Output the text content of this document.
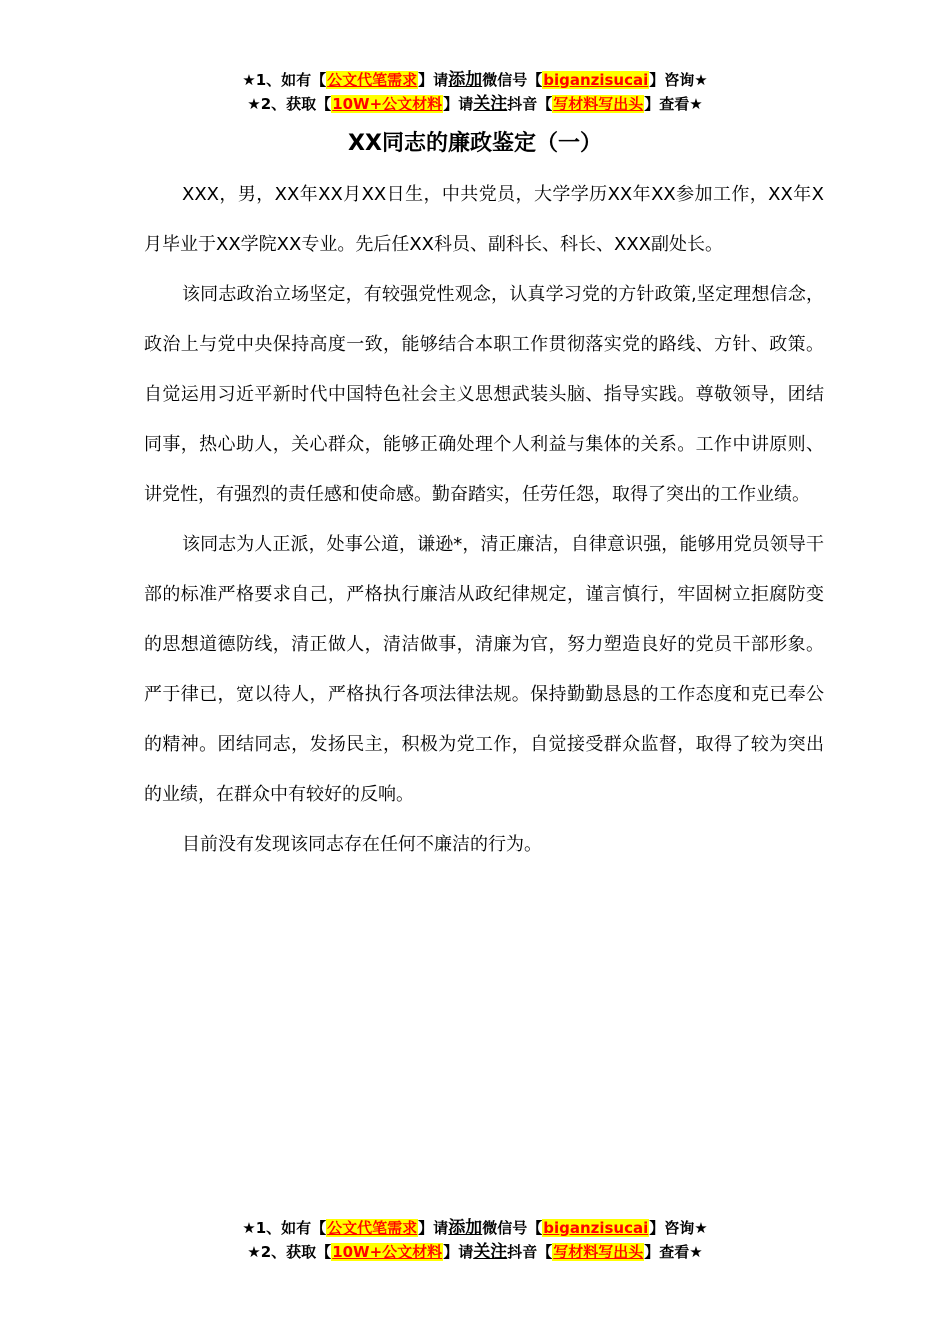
★1、如有【公文代笔需求】请添加微信号【biganzisucai】咨询★
★2、获取【10W+公文材料】请关注抖音【写材料写出头】查看★
XX同志的廉政鉴定（一）

XXX，男，XX年XX月XX日生，中共党员，大学学历XX年XX参加工作，XX年X月毕业于XX学院XX专业。先后任XX科员、副科长、科长、XXX副处长。

该同志政治立场坚定，有较强党性观念，认真学习党的方针政策,坚定理想信念，政治上与党中央保持高度一致，能够结合本职工作贯彻落实党的路线、方针、政策。自觉运用习近平新时代中国特色社会主义思想武装头脑、指导实践。尊敬领导，团结同事，热心助人，关心群众，能够正确处理个人利益与集体的关系。工作中讲原则、讲党性，有强烈的责任感和使命感。勤奋踏实，任劳任怨，取得了突出的工作业绩。

该同志为人正派，处事公道，谦逊*，清正廉洁，自律意识强，能够用党员领导干部的标准严格要求自己，严格执行廉洁从政纪律规定，谨言慎行，牢固树立拒腐防变的思想道德防线，清正做人，清洁做事，清廉为官，努力塑造良好的党员干部形象。严于律已，宽以待人，严格执行各项法律法规。保持勤勤恳恳的工作态度和克已奉公的精神。团结同志，发扬民主，积极为党工作，自觉接受群众监督，取得了较为突出的业绩，在群众中有较好的反响。

目前没有发现该同志存在任何不廉洁的行为。

★1、如有【公文代笔需求】请添加微信号【biganzisucai】咨询★
★2、获取【10W+公文材料】请关注抖音【写材料写出头】查看★
